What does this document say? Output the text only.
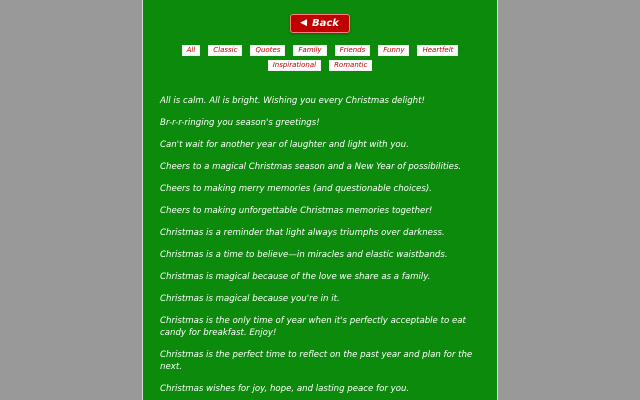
◀ Back
All	Classic	Quotes	Family	Friends	Funny	HeartfeltInspirational	Romantic
All is calm. All is bright. Wishing you every Christmas delight!
Br-r-r-ringing you season's greetings!
Can't wait for another year of laughter and light with you.
Cheers to a magical Christmas season and a New Year of possibilities.
Cheers to making merry memories (and questionable choices).
Cheers to making unforgettable Christmas memories together!
Christmas is a reminder that light always triumphs over darkness.
Christmas is a time to believe—in miracles and elastic waistbands.
Christmas is magical because of the love we share as a family.
Christmas is magical because you're in it.
Christmas is the only time of year when it's perfectly acceptable to eat candy for breakfast. Enjoy!
Christmas is the perfect time to reflect on the past year and plan for the next.
Christmas wishes for joy, hope, and lasting peace for you.
